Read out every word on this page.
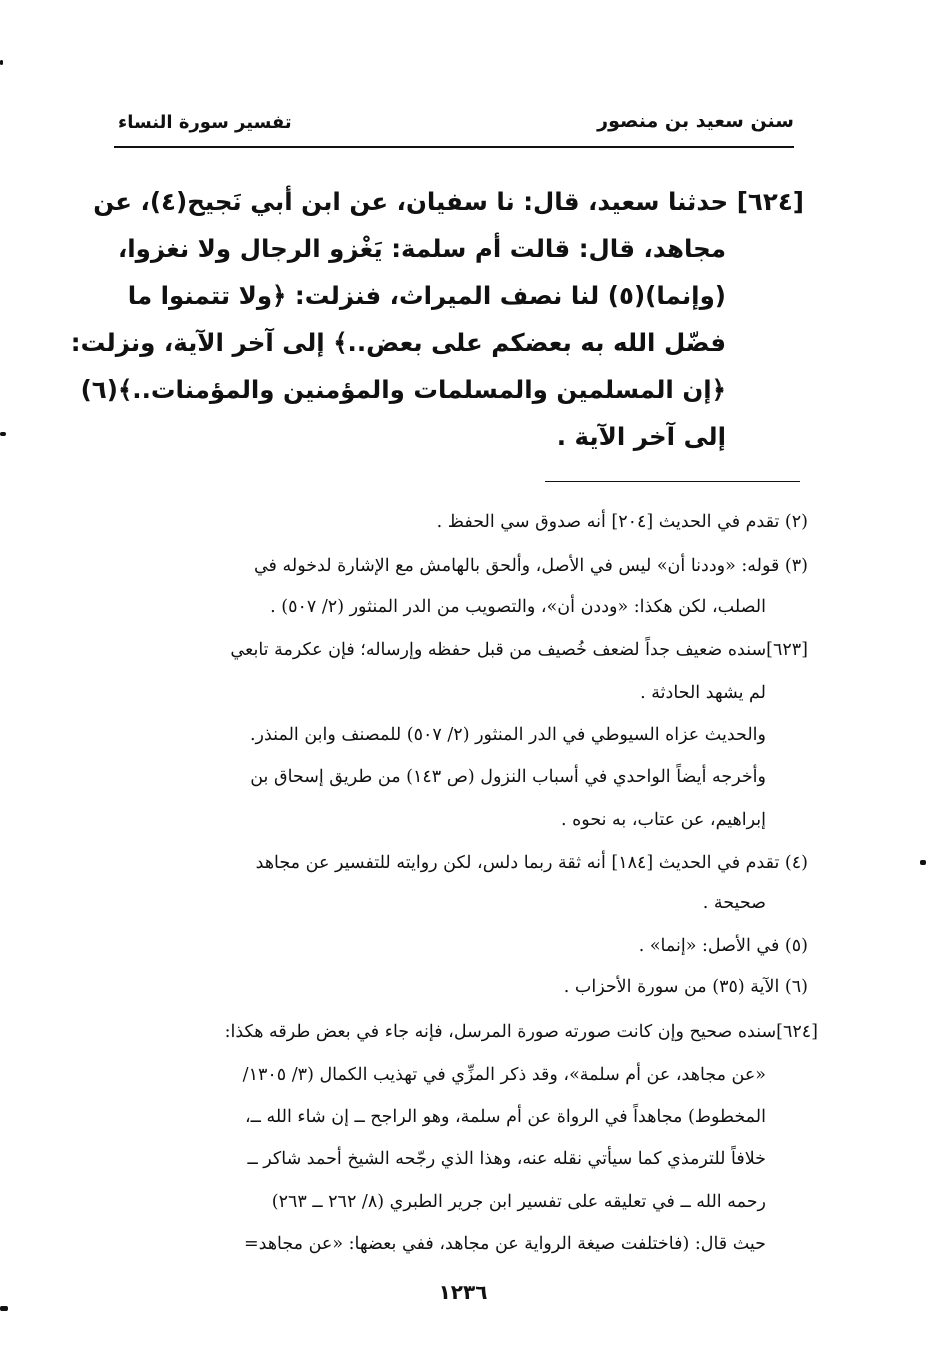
تفسير سورة النساء	سنن سعيد بن منصور
[٦٢٤] حدثنا سعيد، قال: نا سفيان، عن ابن أبي نَجيح(٤)، عن
مجاهد، قال: قالت أم سلمة: يَغْزو الرجال ولا نغزوا،
(وإنما)(٥) لنا نصف الميراث، فنزلت: ﴿ولا تتمنوا ما
فضّل الله به بعضكم على بعض..﴾ إلى آخر الآية، ونزلت:
﴿إن المسلمين والمسلمات والمؤمنين والمؤمنات..﴾(٦)
إلى آخر الآية .
(٢) تقدم في الحديث [٢٠٤] أنه صدوق سي الحفظ .
(٣) قوله: «وددنا أن» ليس في الأصل، وألحق بالهامش مع الإشارة لدخوله في
الصلب، لكن هكذا: «وددن أن»، والتصويب من الدر المنثور (٢/ ٥٠٧) .
[٦٢٣]سنده ضعيف جداً لضعف خُصيف من قبل حفظه وإرساله؛ فإن عكرمة تابعي
لم يشهد الحادثة .
والحديث عزاه السيوطي في الدر المنثور (٢/ ٥٠٧) للمصنف وابن المنذر.
وأخرجه أيضاً الواحدي في أسباب النزول (ص ١٤٣) من طريق إسحاق بن
إبراهيم، عن عتاب، به نحوه .
(٤) تقدم في الحديث [١٨٤] أنه ثقة ربما دلس، لكن روايته للتفسير عن مجاهد
صحيحة .
(٥) في الأصل: «إنما» .
(٦) الآية (٣٥) من سورة الأحزاب .
[٦٢٤]سنده صحيح وإن كانت صورته صورة المرسل، فإنه جاء في بعض طرقه هكذا:
«عن مجاهد، عن أم سلمة»، وقد ذكر المزِّي في تهذيب الكمال (٣/ ١٣٠٥/
المخطوط) مجاهداً في الرواة عن أم سلمة، وهو الراجح ــ إن شاء الله ــ،
خلافاً للترمذي كما سيأتي نقله عنه، وهذا الذي رجّحه الشيخ أحمد شاكر ــ
رحمه الله ــ في تعليقه على تفسير ابن جرير الطبري (٨/ ٢٦٢ ــ ٢٦٣)
حيث قال: (فاختلفت صيغة الرواية عن مجاهد، ففي بعضها: «عن مجاهد=
١٢٣٦
